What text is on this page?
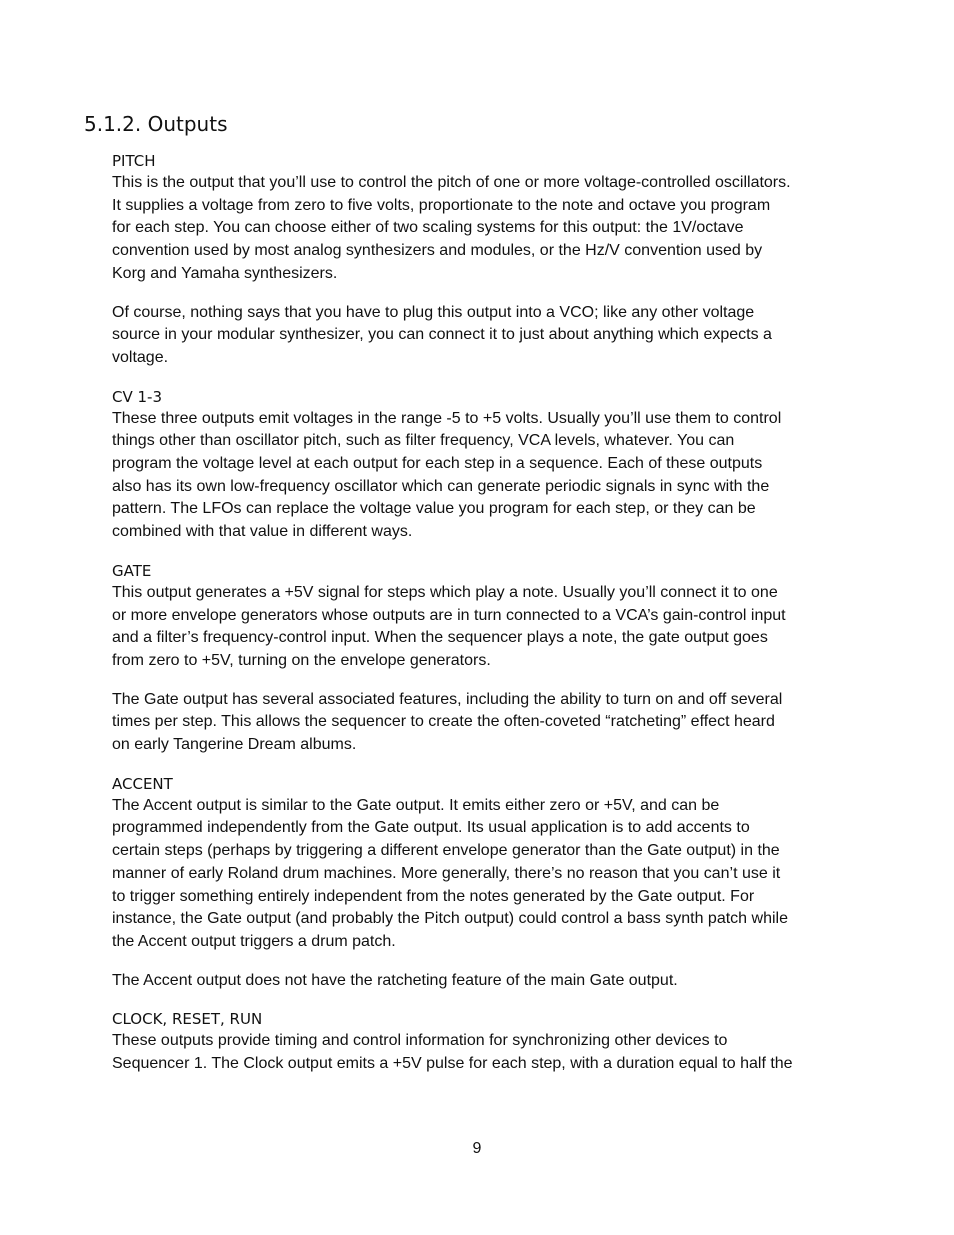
5.1.2. Outputs
PITCH

This is the output that you’ll use to control the pitch of one or more voltage-controlled oscillators.
It supplies a voltage from zero to five volts, proportionate to the note and octave you program
for each step. You can choose either of two scaling systems for this output: the 1V/octave
convention used by most analog synthesizers and modules, or the Hz/V convention used by
Korg and Yamaha synthesizers.

Of course, nothing says that you have to plug this output into a VCO; like any other voltage
source in your modular synthesizer, you can connect it to just about anything which expects a
voltage.

CV 1-3

These three outputs emit voltages in the range -5 to +5 volts. Usually you’ll use them to control
things other than oscillator pitch, such as filter frequency, VCA levels, whatever. You can
program the voltage level at each output for each step in a sequence. Each of these outputs
also has its own low-frequency oscillator which can generate periodic signals in sync with the
pattern. The LFOs can replace the voltage value you program for each step, or they can be
combined with that value in different ways.

GATE

This output generates a +5V signal for steps which play a note. Usually you’ll connect it to one
or more envelope generators whose outputs are in turn connected to a VCA’s gain-control input
and a filter’s frequency-control input. When the sequencer plays a note, the gate output goes
from zero to +5V, turning on the envelope generators.

The Gate output has several associated features, including the ability to turn on and off several
times per step. This allows the sequencer to create the often-coveted “ratcheting” effect heard
on early Tangerine Dream albums.

ACCENT

The Accent output is similar to the Gate output. It emits either zero or +5V, and can be
programmed independently from the Gate output. Its usual application is to add accents to
certain steps (perhaps by triggering a different envelope generator than the Gate output) in the
manner of early Roland drum machines. More generally, there’s no reason that you can’t use it
to trigger something entirely independent from the notes generated by the Gate output. For
instance, the Gate output (and probably the Pitch output) could control a bass synth patch while
the Accent output triggers a drum patch.

The Accent output does not have the ratcheting feature of the main Gate output.

CLOCK, RESET, RUN

These outputs provide timing and control information for synchronizing other devices to
Sequencer 1. The Clock output emits a +5V pulse for each step, with a duration equal to half the

9
